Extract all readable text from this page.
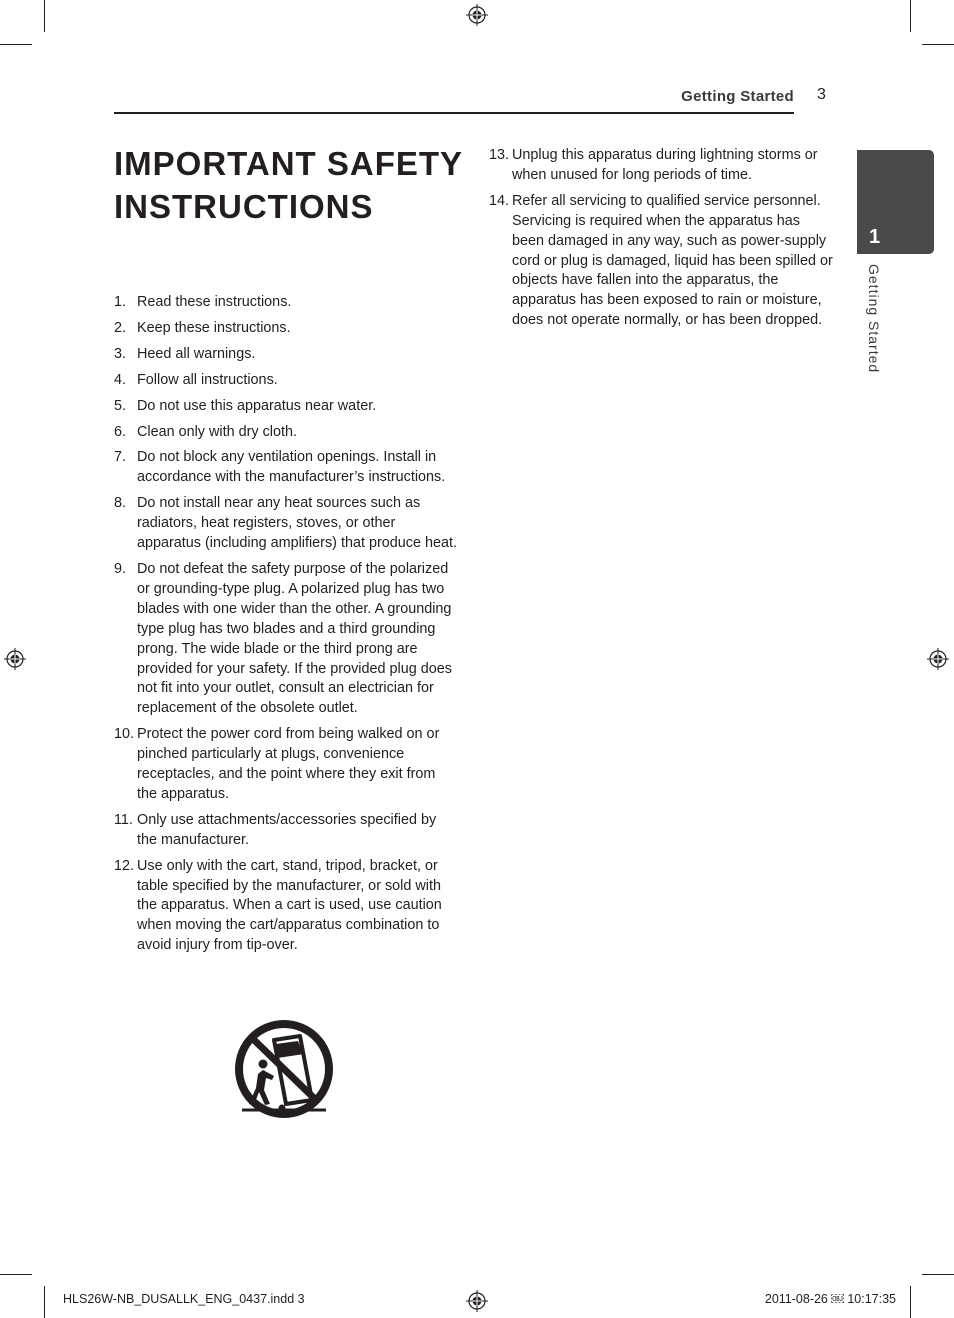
Getting Started 3
IMPORTANT SAFETY INSTRUCTIONS
1. Read these instructions.
2. Keep these instructions.
3. Heed all warnings.
4. Follow all instructions.
5. Do not use this apparatus near water.
6. Clean only with dry cloth.
7. Do not block any ventilation openings. Install in accordance with the manufacturer’s instructions.
8. Do not install near any heat sources such as radiators, heat registers, stoves, or other apparatus (including amplifiers) that produce heat.
9. Do not defeat the safety purpose of the polarized or grounding-type plug. A polarized plug has two blades with one wider than the other. A grounding type plug has two blades and a third grounding prong. The wide blade or the third prong are provided for your safety. If the provided plug does not fit into your outlet, consult an electrician for replacement of the obsolete outlet.
10. Protect the power cord from being walked on or pinched particularly at plugs, convenience receptacles, and the point where they exit from the apparatus.
11. Only use attachments/accessories specified by the manufacturer.
12. Use only with the cart, stand, tripod, bracket, or table specified by the manufacturer, or sold with the apparatus. When a cart is used, use caution when moving the cart/apparatus combination to avoid injury from tip-over.
13. Unplug this apparatus during lightning storms or when unused for long periods of time.
14. Refer all servicing to qualified service personnel. Servicing is required when the apparatus has been damaged in any way, such as power-supply cord or plug is damaged, liquid has been spilled or objects have fallen into the apparatus, the apparatus has been exposed to rain or moisture, does not operate normally, or has been dropped.
1
Getting Started
HLS26W-NB_DUSALLK_ENG_0437.indd 3	2011-08-26 ￼ 10:17:35
